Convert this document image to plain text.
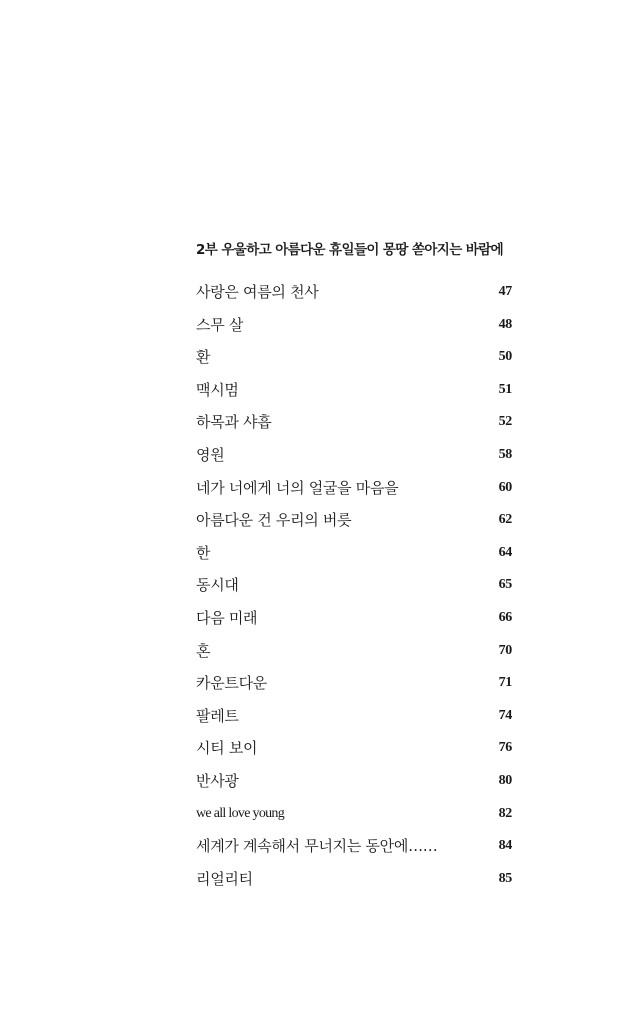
2부 우울하고 아름다운 휴일들이 몽땅 쏟아지는 바람에
사랑은 여름의 천사	47
스무 살	48
환	50
맥시멈	51
하목과 샤흡	52
영원	58
네가 너에게 너의 얼굴을 마음을	60
아름다운 건 우리의 버릇	62
한	64
동시대	65
다음 미래	66
혼	70
카운트다운	71
팔레트	74
시티 보이	76
반사광	80
we all love young	82
세계가 계속해서 무너지는 동안에……	84
리얼리티	85
